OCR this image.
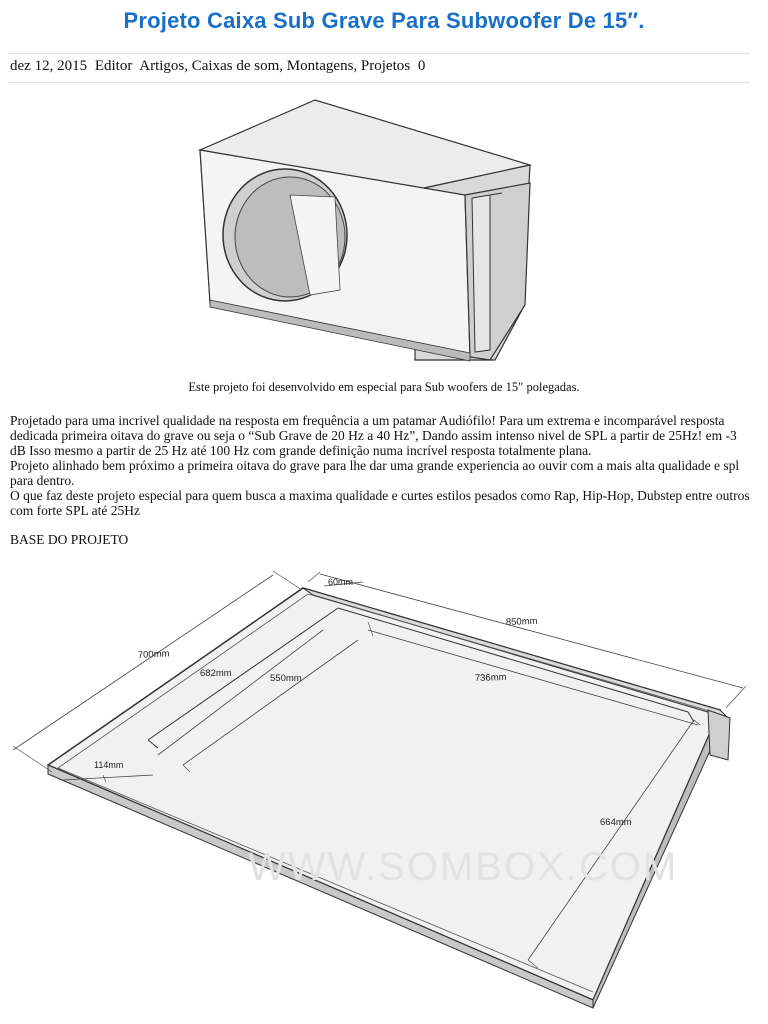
Projeto Caixa Sub Grave Para Subwoofer De 15″.
dez 12, 2015 Editor Artigos, Caixas de som, Montagens, Projetos 0
Este projeto foi desenvolvido em especial para Sub woofers de 15″ polegadas.

Projetado para uma incrivel qualidade na resposta em frequência a um patamar Audiófilo! Para um extrema e incomparável resposta dedicada primeira oitava do grave ou seja o “Sub Grave de 20 Hz a 40 Hz”, Dando assim intenso nivel de SPL a partir de 25Hz! em -3 dB Isso mesmo a partir de 25 Hz até 100 Hz com grande definição numa incrível resposta totalmente plana.

Projeto alinhado bem próximo a primeira oitava do grave para lhe dar uma grande experiencia ao ouvir com a mais alta qualidade e spl para dentro.

O que faz deste projeto especial para quem busca a maxima qualidade e curtes estilos pesados como Rap, Hip-Hop, Dubstep entre outros com forte SPL até 25Hz

BASE DO PROJETO
700mm
850mm
60mm
682mm	550mm	736mm
114mm
664mm
WWW.SOMBOX.COM
